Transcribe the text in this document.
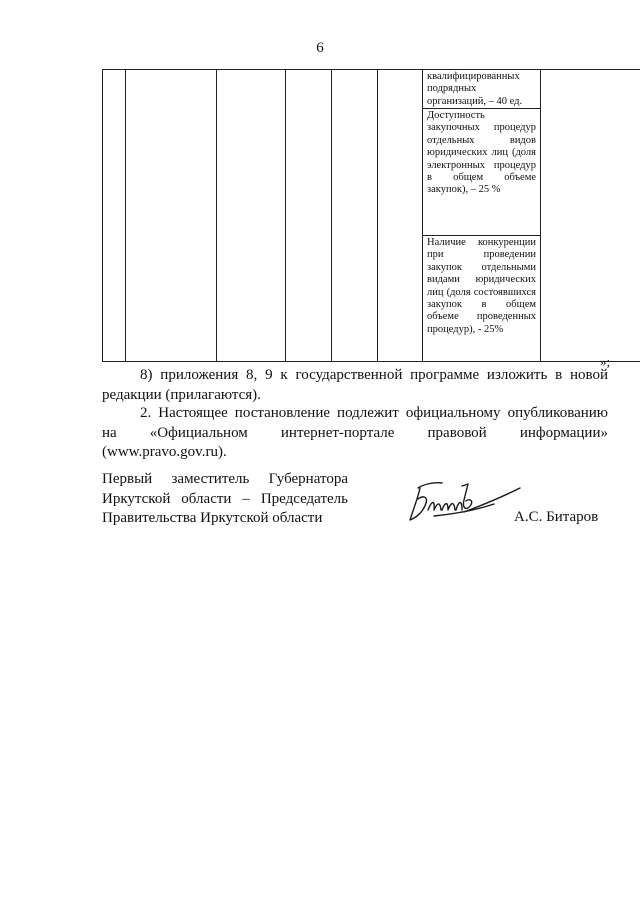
6

квалифицированных подрядных организаций, – 40 ед.
Доступность закупочных процедур отдельных видов юридических лиц (доля электронных процедур в общем объеме закупок), – 25 %
Наличие конкуренции при проведении закупок отдельными видами юридических лиц (доля состоявшихся закупок в общем объеме проведенных процедур), - 25%

»;
8) приложения 8, 9 к государственной программе изложить в новой редакции (прилагаются).
2. Настоящее постановление подлежит официальному опубликованию на «Официальном интернет-портале правовой информации» (www.pravo.gov.ru).
Первый заместитель Губернатора
Иркутской области – Председатель
Правительства Иркутской области	А.С. Битаров
